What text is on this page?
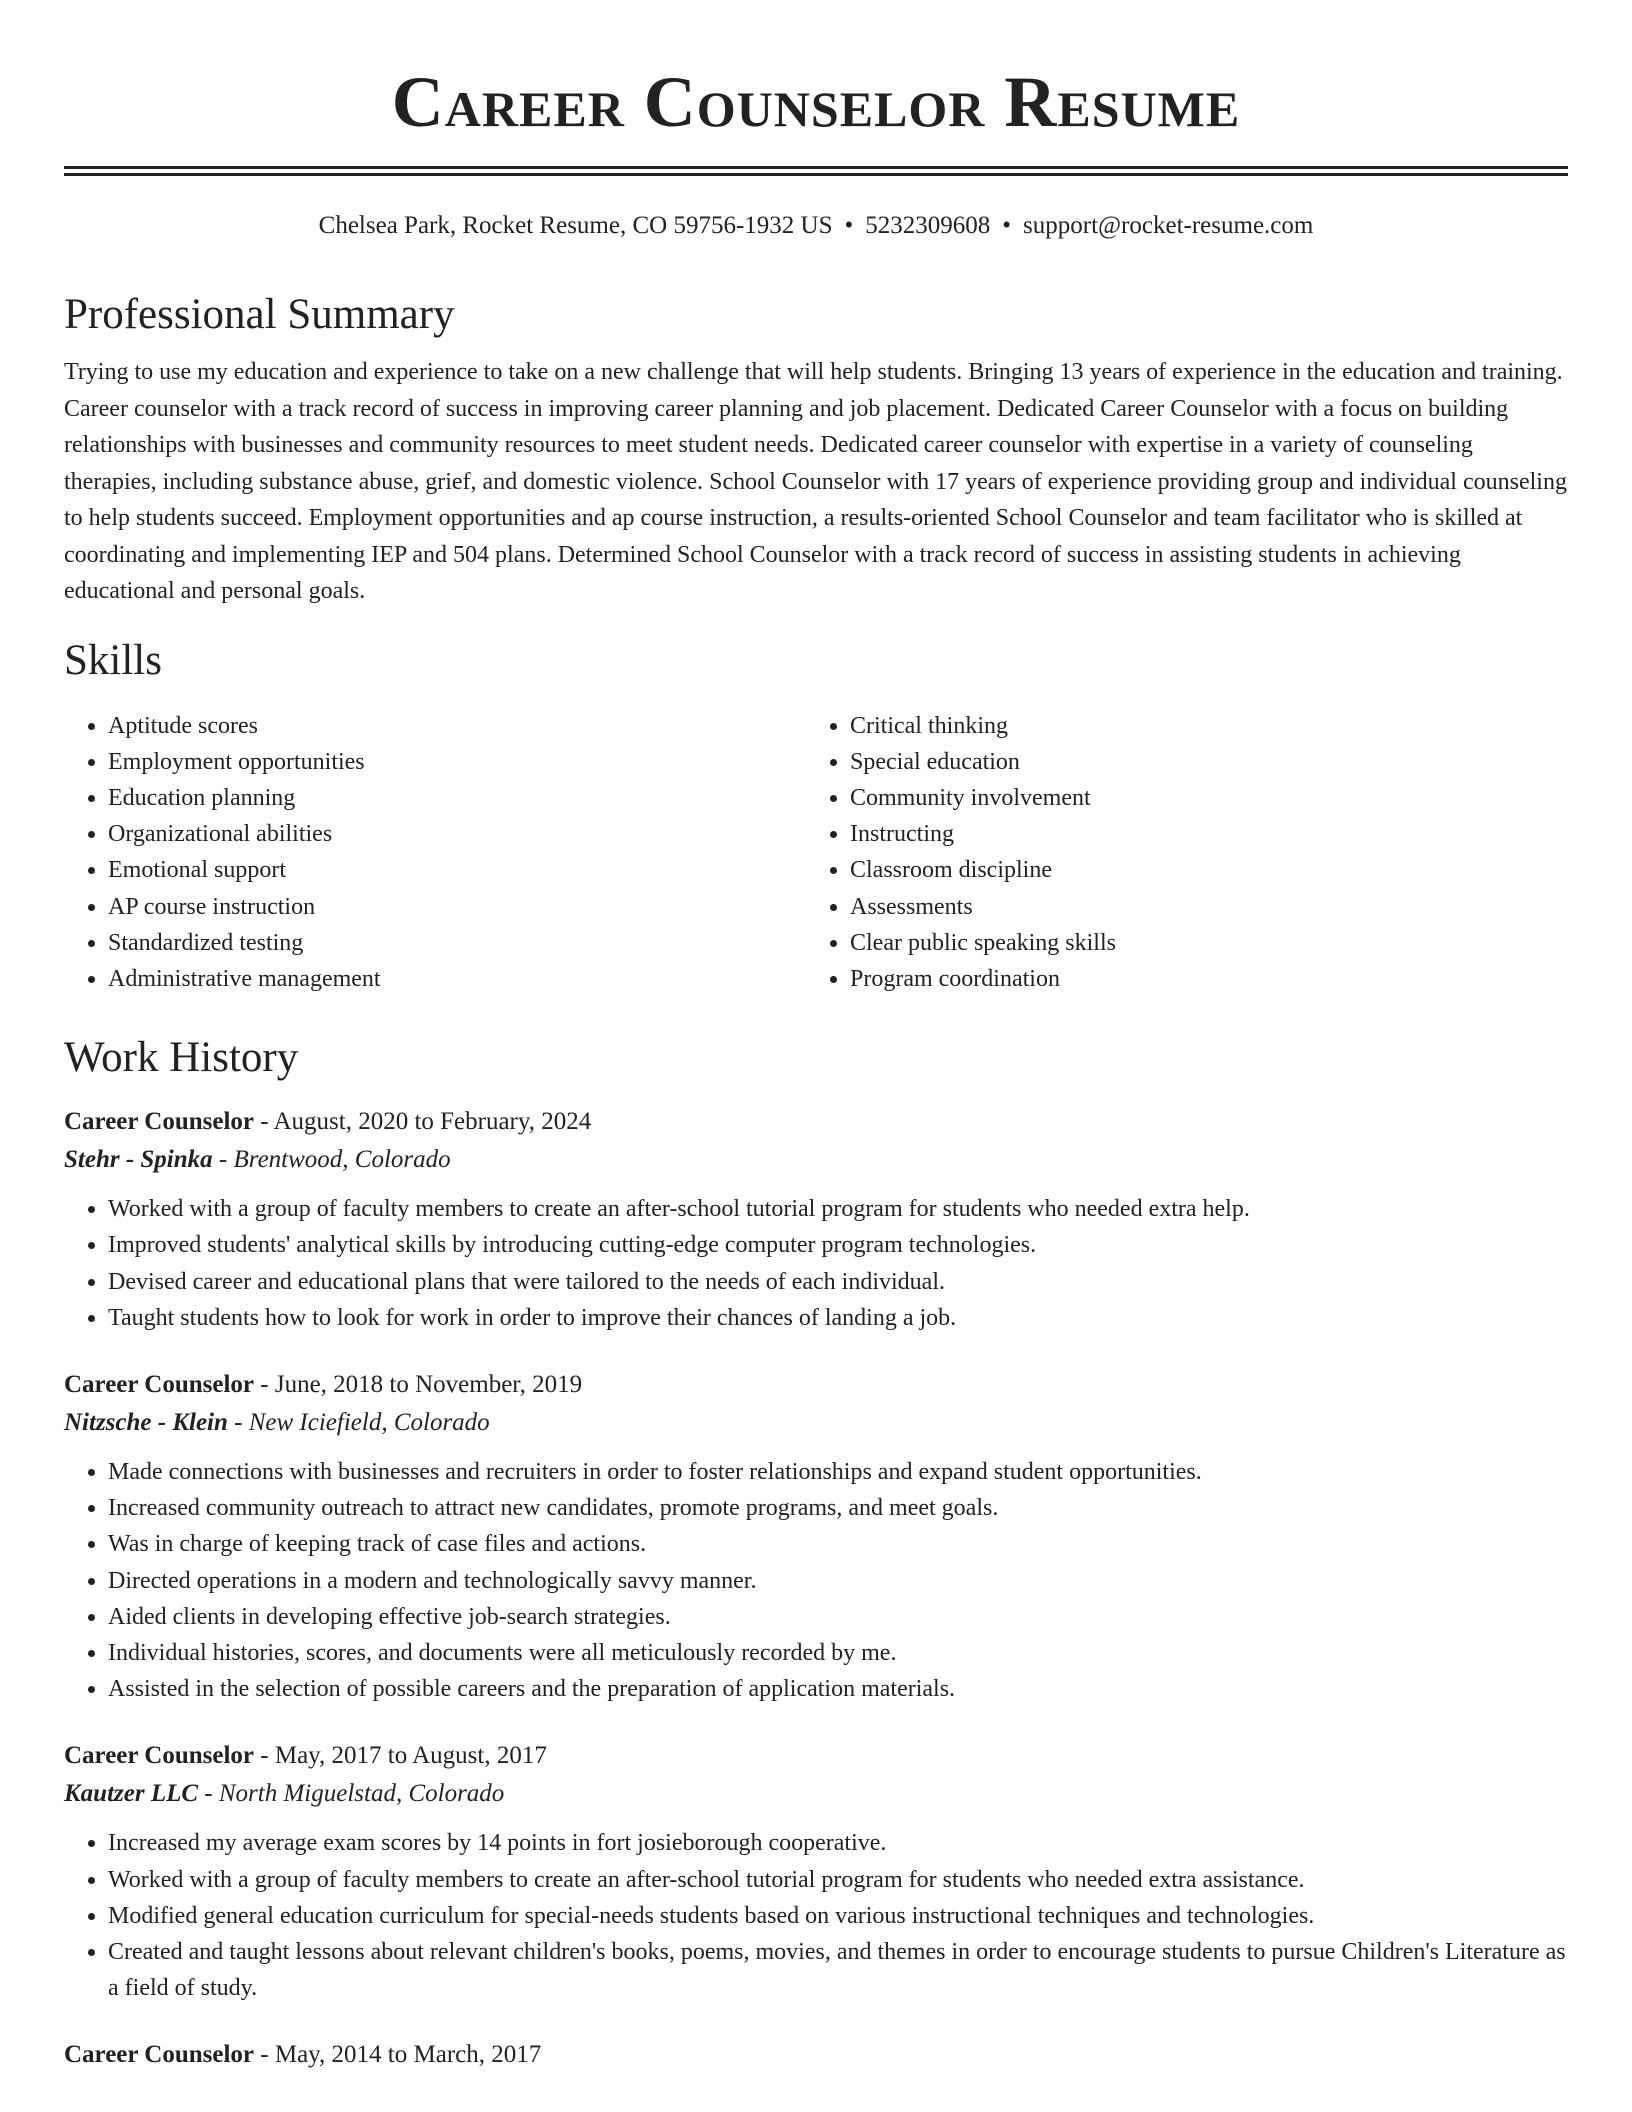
Career Counselor Resume
Chelsea Park, Rocket Resume, CO 59756-1932 US • 5232309608 • support@rocket-resume.com
Professional Summary

Trying to use my education and experience to take on a new challenge that will help students. Bringing 13 years of experience in the education and training. Career counselor with a track record of success in improving career planning and job placement. Dedicated Career Counselor with a focus on building relationships with businesses and community resources to meet student needs. Dedicated career counselor with expertise in a variety of counseling therapies, including substance abuse, grief, and domestic violence. School Counselor with 17 years of experience providing group and individual counseling to help students succeed. Employment opportunities and ap course instruction, a results-oriented School Counselor and team facilitator who is skilled at coordinating and implementing IEP and 504 plans. Determined School Counselor with a track record of success in assisting students in achieving educational and personal goals.

Skills
• Aptitude scores
• Employment opportunities
• Education planning
• Organizational abilities
• Emotional support
• AP course instruction
• Standardized testing
• Administrative management
• Critical thinking
• Special education
• Community involvement
• Instructing
• Classroom discipline
• Assessments
• Clear public speaking skills
• Program coordination
Work History
Career Counselor - August, 2020 to February, 2024
Stehr - Spinka - Brentwood, Colorado
• Worked with a group of faculty members to create an after-school tutorial program for students who needed extra help.
• Improved students' analytical skills by introducing cutting-edge computer program technologies.
• Devised career and educational plans that were tailored to the needs of each individual.
• Taught students how to look for work in order to improve their chances of landing a job.
Career Counselor - June, 2018 to November, 2019
Nitzsche - Klein - New Iciefield, Colorado
• Made connections with businesses and recruiters in order to foster relationships and expand student opportunities.
• Increased community outreach to attract new candidates, promote programs, and meet goals.
• Was in charge of keeping track of case files and actions.
• Directed operations in a modern and technologically savvy manner.
• Aided clients in developing effective job-search strategies.
• Individual histories, scores, and documents were all meticulously recorded by me.
• Assisted in the selection of possible careers and the preparation of application materials.
Career Counselor - May, 2017 to August, 2017
Kautzer LLC - North Miguelstad, Colorado
• Increased my average exam scores by 14 points in fort josieborough cooperative.
• Worked with a group of faculty members to create an after-school tutorial program for students who needed extra assistance.
• Modified general education curriculum for special-needs students based on various instructional techniques and technologies.
• Created and taught lessons about relevant children's books, poems, movies, and themes in order to encourage students to pursue Children's Literature as a field of study.
Career Counselor - May, 2014 to March, 2017
